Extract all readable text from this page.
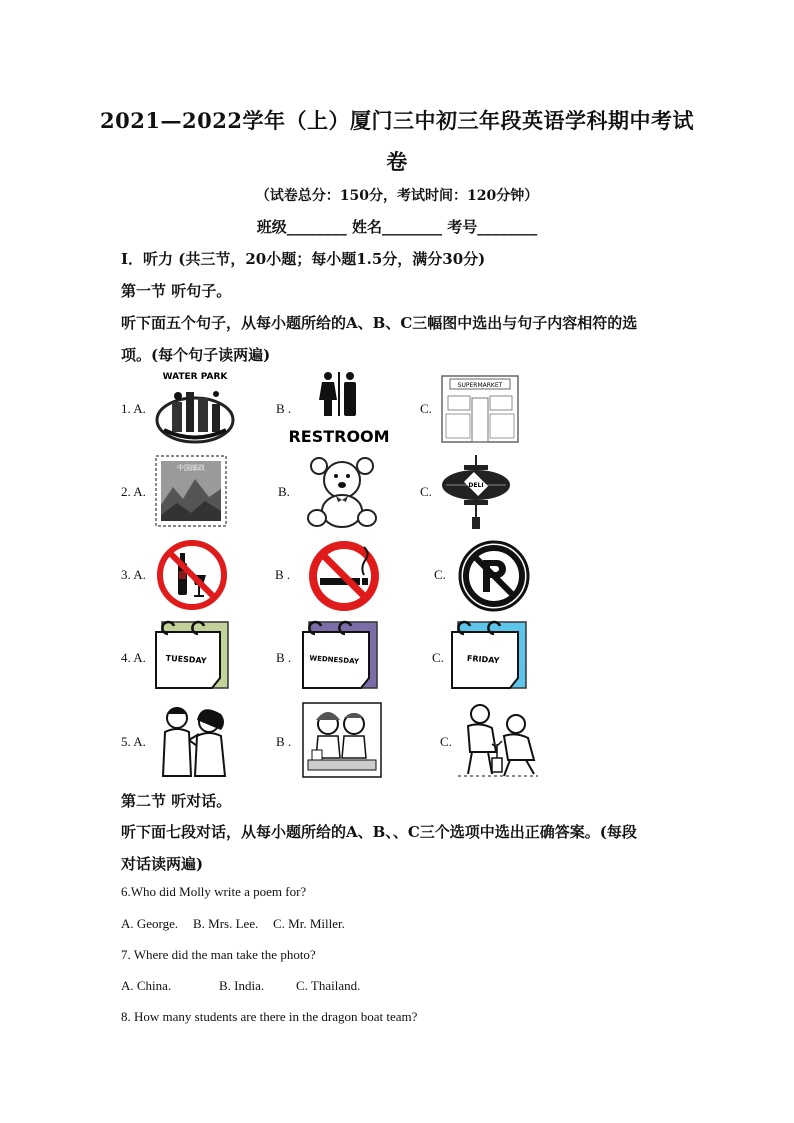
2021—2022学年（上）厦门三中初三年段英语学科期中考试
卷
（试卷总分：150分，考试时间：120分钟）
班级________ 姓名________ 考号________
Ⅰ．听力 (共三节，20小题；每小题1.5分，满分30分)
第一节 听句子。
听下面五个句子，从每小题所给的A、B、C三幅图中选出与句子内容相符的选
项。(每个句子读两遍)
1. A.
WATER PARK
B .
RESTROOM
C.
SUPERMARKET
2. A.
中国邮政
B.	C.	DELI
3. A.	B .	C.
4. A. TUESDAY	B .	WEDNESDAY	C.	FRIDAY
5. A.	B .	C.
第二节 听对话。
听下面七段对话，从每小题所给的A、B、、C三个选项中选出正确答案。(每段
对话读两遍)
6.Who did Molly write a poem for?
A. George. B. Mrs. Lee. C. Mr. Miller.
7. Where did the man take the photo?
A. China.	B. India. C. Thailand.
8. How many students are there in the dragon boat team?
